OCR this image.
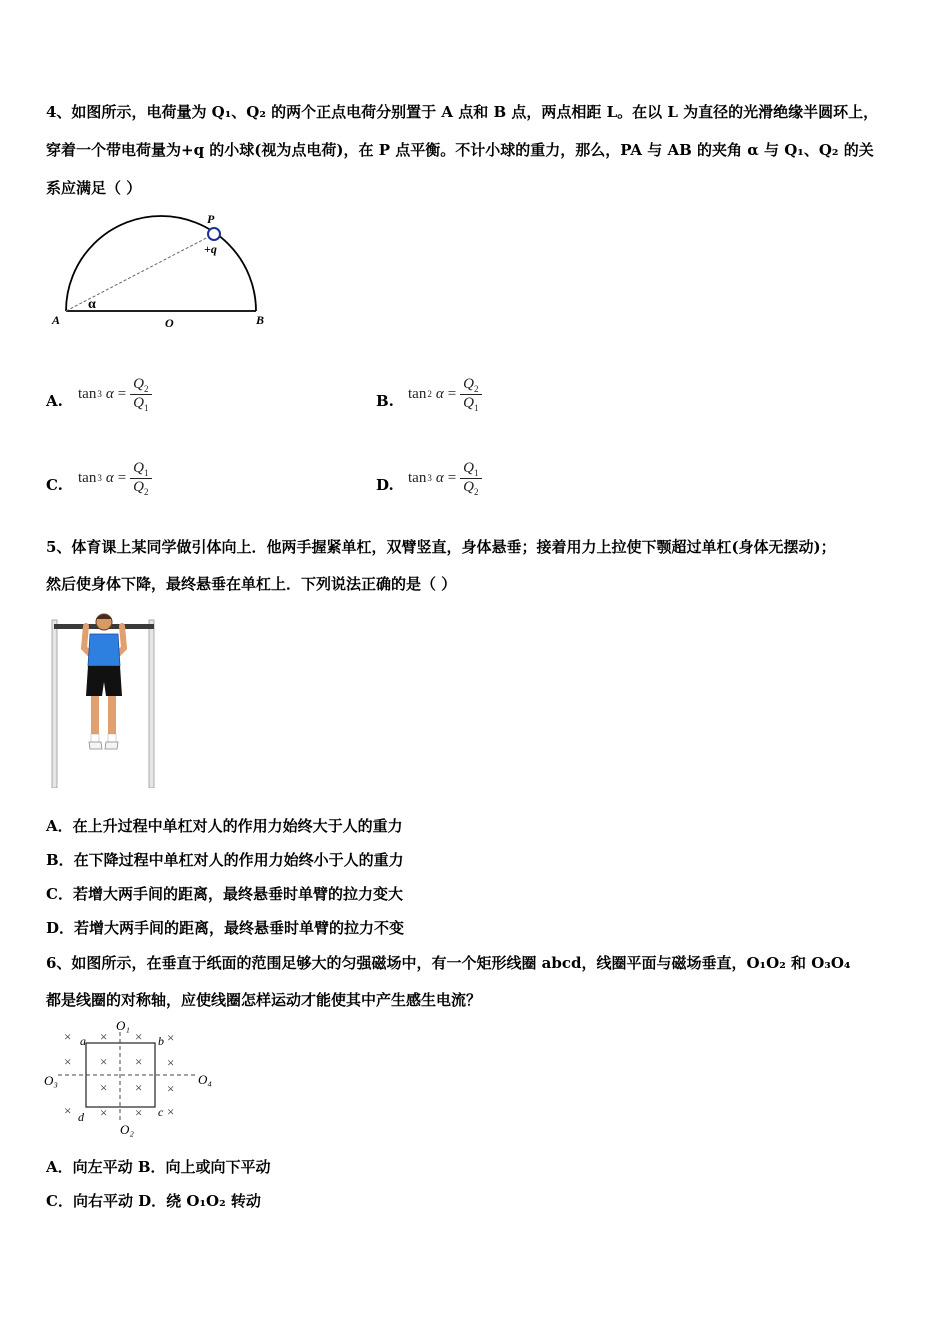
4、如图所示，电荷量为 Q₁、Q₂ 的两个正点电荷分别置于 A 点和 B 点，两点相距 L。在以 L 为直径的光滑绝缘半圆环上，
穿着一个带电荷量为+q 的小球(视为点电荷)，在 P 点平衡。不计小球的重力，那么，PA 与 AB 的夹角 α 与 Q₁、Q₂ 的关
系应满足（ ）
P
+q
α
A	O	B
A. tan 3 $\alpha = \frac{Q_2}{Q_1}$	B. tan 2 $\alpha = \frac{Q_2}{Q_1}$
C. tan 3 $\alpha = \frac{Q_1}{Q_2}$	D. tan 3 $\alpha = \frac{Q_1}{Q_2}$
5、体育课上某同学做引体向上．他两手握紧单杠，双臂竖直，身体悬垂；接着用力上拉使下颚超过单杠(身体无摆动)；
然后使身体下降，最终悬垂在单杠上．下列说法正确的是（ ）
A．在上升过程中单杠对人的作用力始终大于人的重力
B．在下降过程中单杠对人的作用力始终小于人的重力
C．若增大两手间的距离，最终悬垂时单臂的拉力变大
D．若增大两手间的距离，最终悬垂时单臂的拉力不变
6、如图所示，在垂直于纸面的范围足够大的匀强磁场中，有一个矩形线圈 abcd，线圈平面与磁场垂直，O₁O₂ 和 O₃O₄
都是线圈的对称轴，应使线圈怎样运动才能使其中产生感生电流？
× × × ×
× × × ×
× × ×
× × × ×
O₁
O₂
O₃	O₄
a	b
c
d
A．向左平动 B．向上或向下平动
C．向右平动 D．绕 O₁O₂ 转动
